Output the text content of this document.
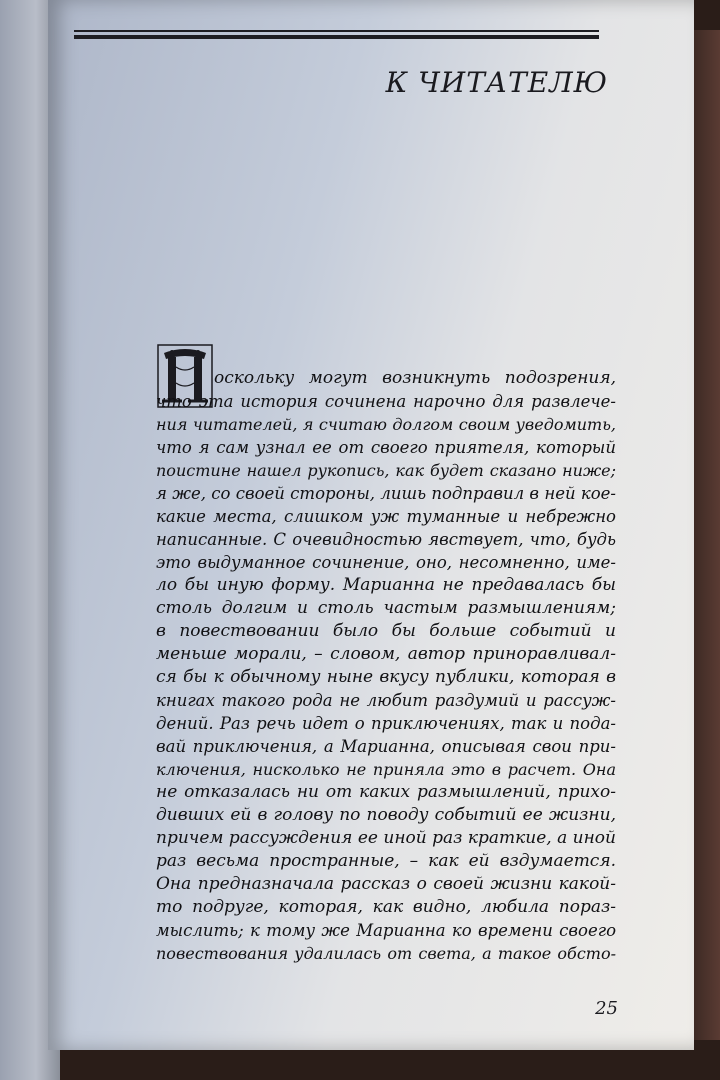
К ЧИТАТЕЛЮ
оскольку могут возникнуть подозрения,
что эта история сочинена нарочно для развлече-
ния читателей, я считаю долгом своим уведомить,
что я сам узнал ее от своего приятеля, который
поистине нашел рукопись, как будет сказано ниже;
я же, со своей стороны, лишь подправил в ней кое-
какие места, слишком уж туманные и небрежно
написанные. С очевидностью явствует, что, будь
это выдуманное сочинение, оно, несомненно, име-
ло бы иную форму. Марианна не предавалась бы
столь долгим и столь частым размышлениям;
в повествовании было бы больше событий и
меньше морали, – словом, автор приноравливал-
ся бы к обычному ныне вкусу публики, которая в
книгах такого рода не любит раздумий и рассуж-
дений. Раз речь идет о приключениях, так и пода-
вай приключения, а Марианна, описывая свои при-
ключения, нисколько не приняла это в расчет. Она
не отказалась ни от каких размышлений, прихо-
дивших ей в голову по поводу событий ее жизни,
причем рассуждения ее иной раз краткие, а иной
раз весьма пространные, – как ей вздумается.
Она предназначала рассказ о своей жизни какой-
то подруге, которая, как видно, любила пораз-
мыслить; к тому же Марианна ко времени своего
повествования удалилась от света, а такое обсто-
25
